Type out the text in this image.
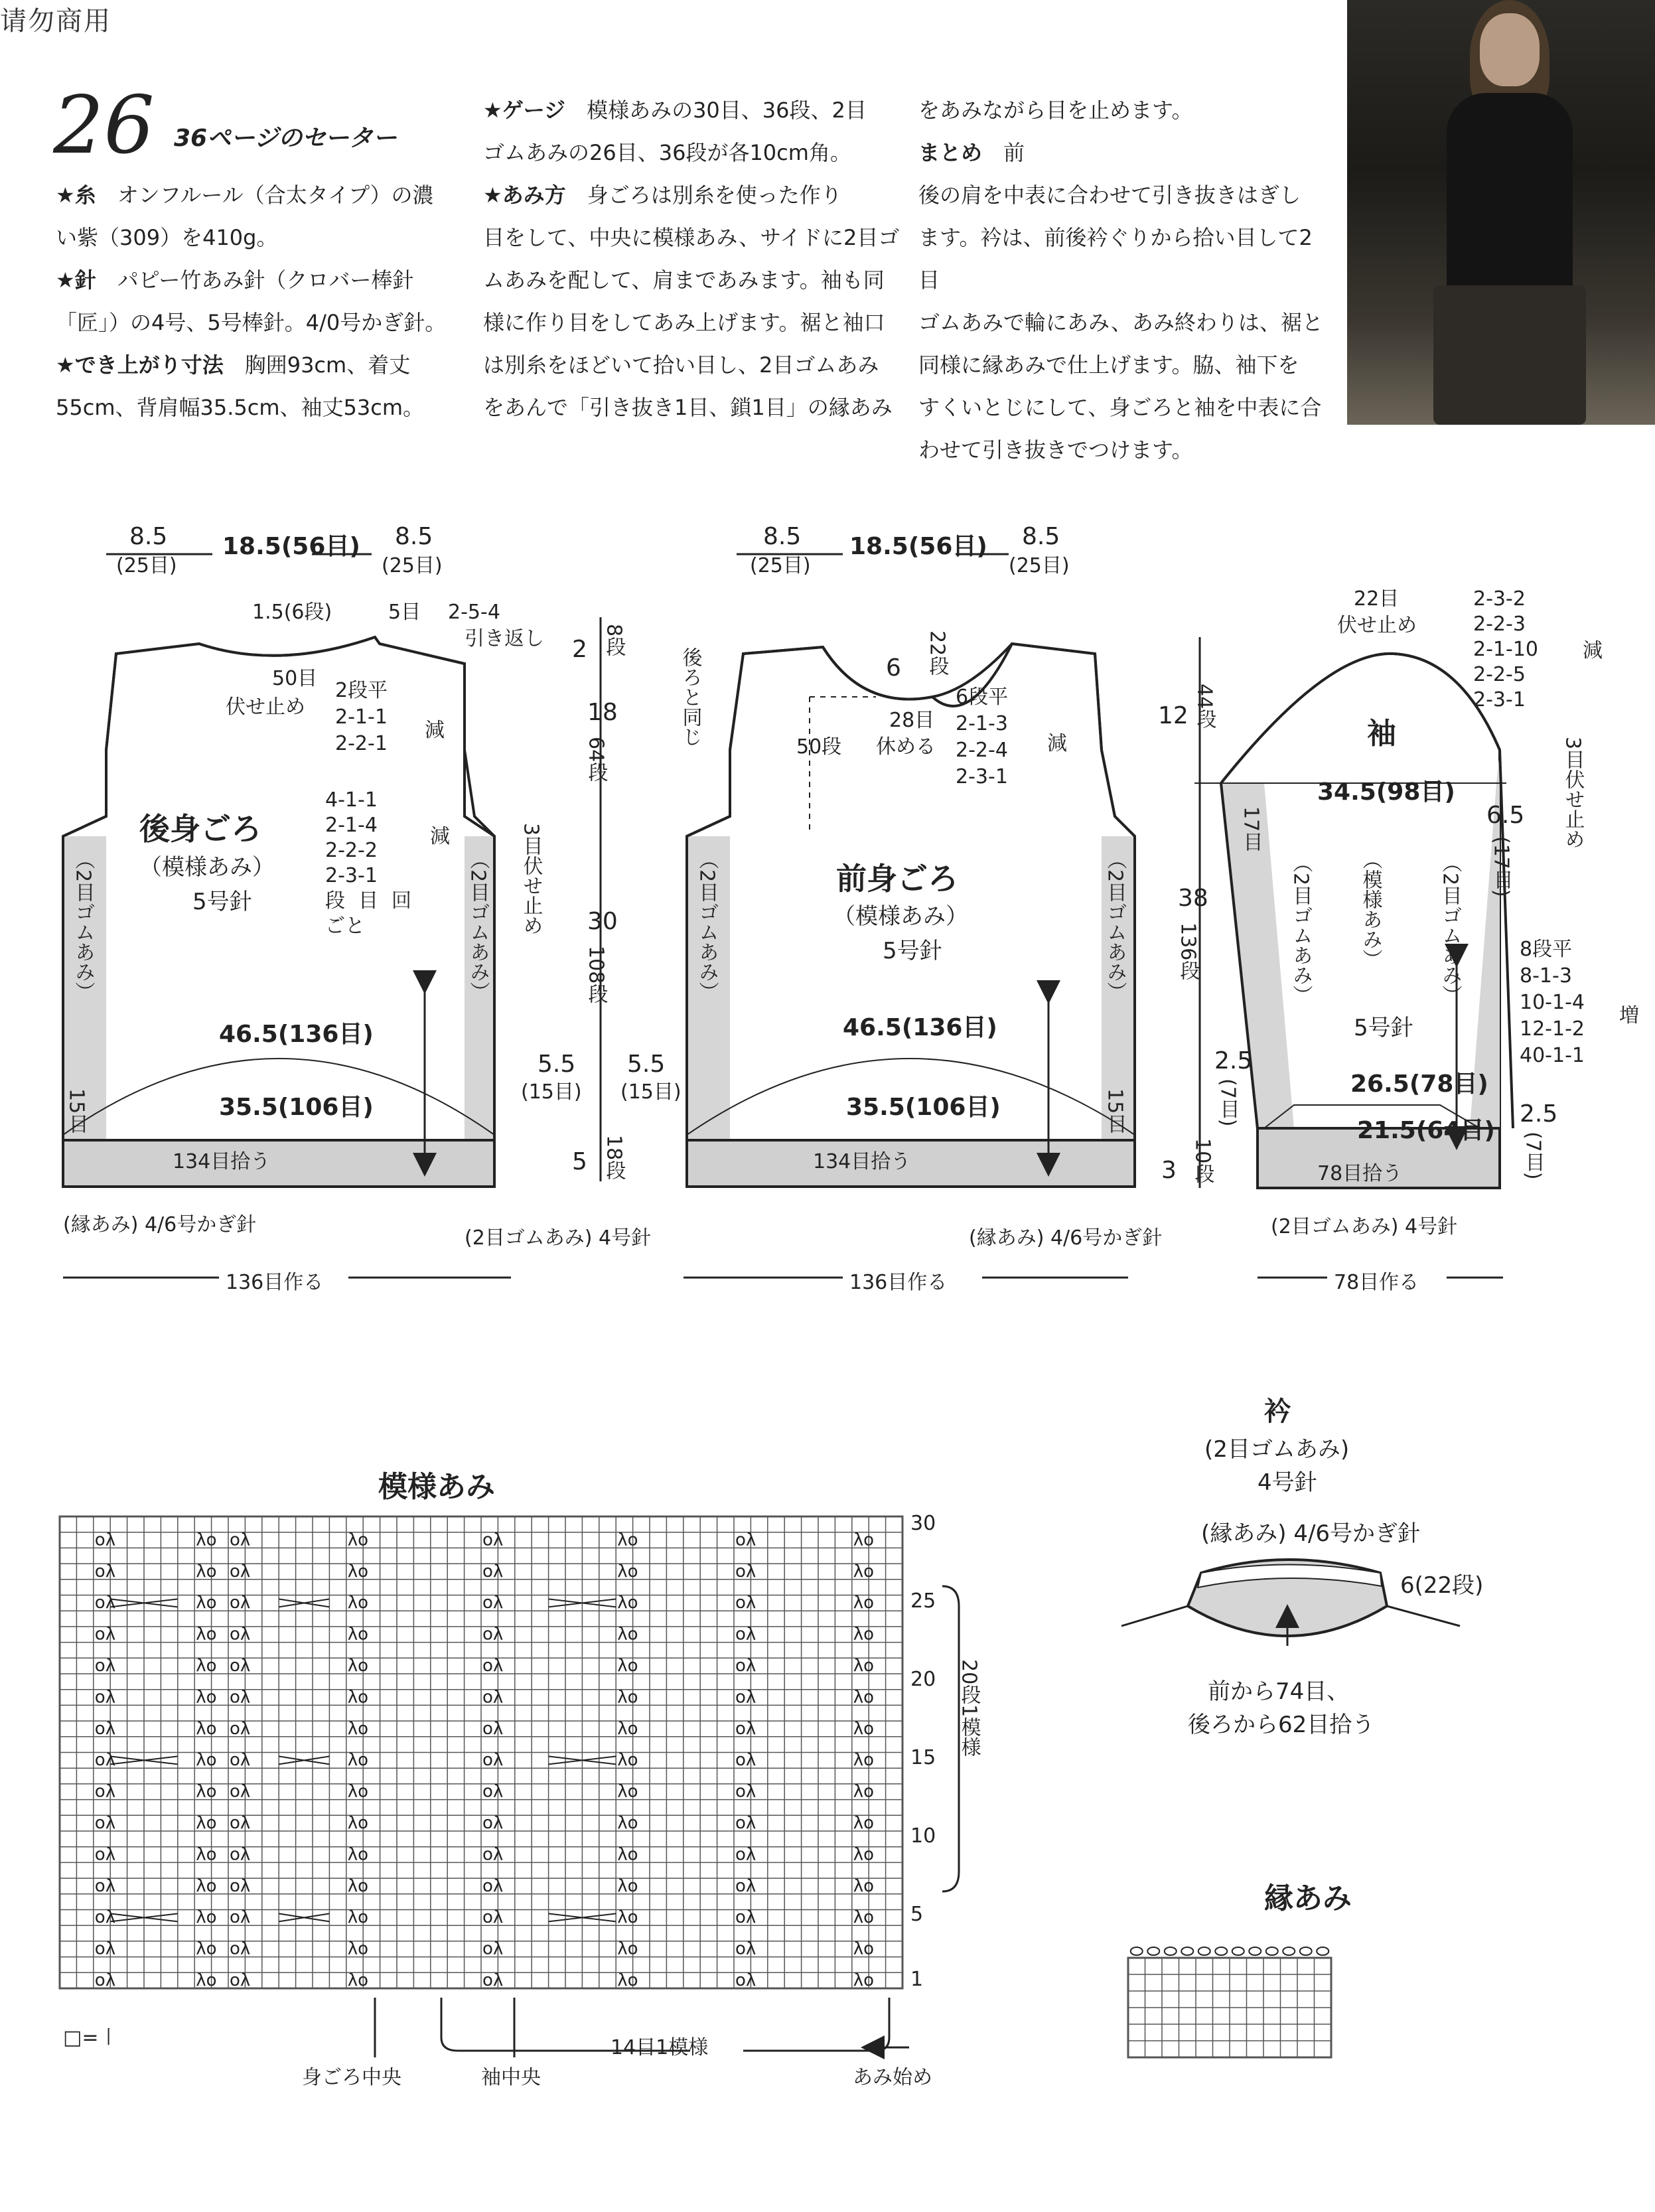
请勿商用
26 36ページのセーター

★糸　オンフルール（合太タイプ）の濃

い紫（309）を410g。

★針　パピー竹あみ針（クロバー棒針

「匠」）の4号、5号棒針。4/0号かぎ針。

★でき上がり寸法　胸囲93cm、着丈

55cm、背肩幅35.5cm、袖丈53cm。

★ゲージ　模様あみの30目、36段、2目

ゴムあみの26目、36段が各10cm角。

★あみ方　身ごろは別糸を使った作り

目をして、中央に模様あみ、サイドに2目ゴ

ムあみを配して、肩まであみます。袖も同

様に作り目をしてあみ上げます。裾と袖口

は別糸をほどいて拾い目し、2目ゴムあみ

をあんで「引き抜き1目、鎖1目」の縁あみ

をあみながら目を止めます。

まとめ　前

後の肩を中表に合わせて引き抜きはぎし

ます。衿は、前後衿ぐりから拾い目して2目

ゴムあみで輪にあみ、あみ終わりは、裾と

同様に縁あみで仕上げます。脇、袖下を

すくいとじにして、身ごろと袖を中表に合

わせて引き抜きでつけます。

後身ごろ
（模様あみ）
5号針
8.5
(25目)
18.5(56目) 8.5
(25目)
1.5(6段)	5目 2-5-4
引き返し
50目
伏せ止め
2段平
2-1-1
2-2-1
減
4-1-1
2-1-4
2-2-2
2-3-1
減
段 目 回
ごと	3目伏せ止め
（2目ゴムあみ）	（2目ゴムあみ）
46.5(136目)
35.5(106目)
15目
5.5
(15目)
134目拾う
(縁あみ) 4/6号かぎ針
(2目ゴムあみ) 4号針
136目作る
2 8段
18
64段
30
108段
5 18段
前身ごろ
（模様あみ）
5号針
8.5
(25目)
18.5(56目) 8.5
(25目)
後ろと同じ	6 22段
28目
休める
6段平
2-1-3
2-2-4
2-3-1
減
50段
（2目ゴムあみ）	（2目ゴムあみ）
46.5(136目)
35.5(106目)
5.5
(15目)	15目
134目拾う
(縁あみ) 4/6号かぎ針
136目作る
袖
（模様あみ）
5号針
22目
伏せ止め
2-3-2
2-2-3
2-1-10
2-2-5
2-3-1
減
3目伏せ止め
34.5(98目)
17目	6.5
(17目)
（2目ゴムあみ）	（2目ゴムあみ）
12 44段
38
136段	8段平
8-1-3
10-1-4
12-1-2
40-1-1
増
26.5(78目)
21.5(64目)
2.5
(7目)	2.5
(7目)
3 10段	78目拾う
(2目ゴムあみ) 4号針
78目作る
衿
(2目ゴムあみ)
4号針
(縁あみ) 4/6号かぎ針
6(22段)
前から74目、
後ろから62目拾う
oλ	λo oλ	λo	oλ	λo	oλ	λo
oλ	λo oλ	λo	oλ	λo	oλ	λo
oλ	λo oλ	λo	oλ	λo	oλ	λo
oλ	λo oλ	λo	oλ	λo	oλ	λo
oλ	λo oλ	λo	oλ	λo	oλ	λo
oλ	λo oλ	λo	oλ	λo	oλ	λo
oλ	λo oλ	λo	oλ	λo	oλ	λo
oλ	λo oλ	λo	oλ	λo	oλ	λo
oλ	λo oλ	λo	oλ	λo	oλ	λo
oλ	λo oλ	λo	oλ	λo	oλ	λo
oλ	λo oλ	λo	oλ	λo	oλ	λo
oλ	λo oλ	λo	oλ	λo	oλ	λo
oλ	λo oλ	λo	oλ	λo	oλ	λo
oλ	λo oλ	λo	oλ	λo	oλ	λo
oλ	λo oλ	λo	oλ	λo	oλ	λo
模様あみ
30
25
20
15
10
5
1
20段1模様
□=〡
身ごろ中央	袖中央
14目1模様
あみ始め
縁あみ
